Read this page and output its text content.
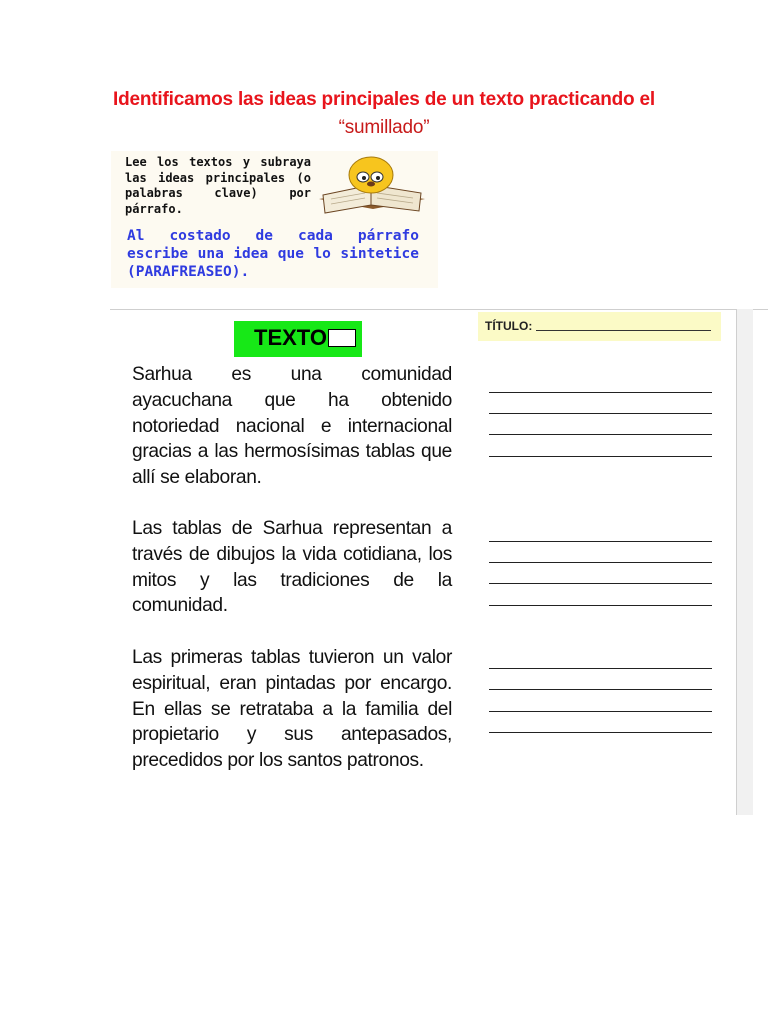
Identificamos las ideas principales de un texto practicando el
“sumillado”
Lee los textos y subraya las ideas principales (o palabras clave) por párrafo.
Al costado de cada párrafo escribe una idea que lo sintetice (PARAFREASEO).
TEXTO
Sarhua es una comunidad ayacuchana que ha obtenido notoriedad nacional e internacional gracias a las hermosísimas tablas que allí se elaboran.
Las tablas de Sarhua representan a través de dibujos la vida cotidiana, los mitos y las tradiciones de la comunidad.
Las primeras tablas tuvieron un valor espiritual, eran pintadas por encargo. En ellas se retrataba a la familia del propietario y sus antepasados, precedidos por los santos patronos.
TÍTULO:
